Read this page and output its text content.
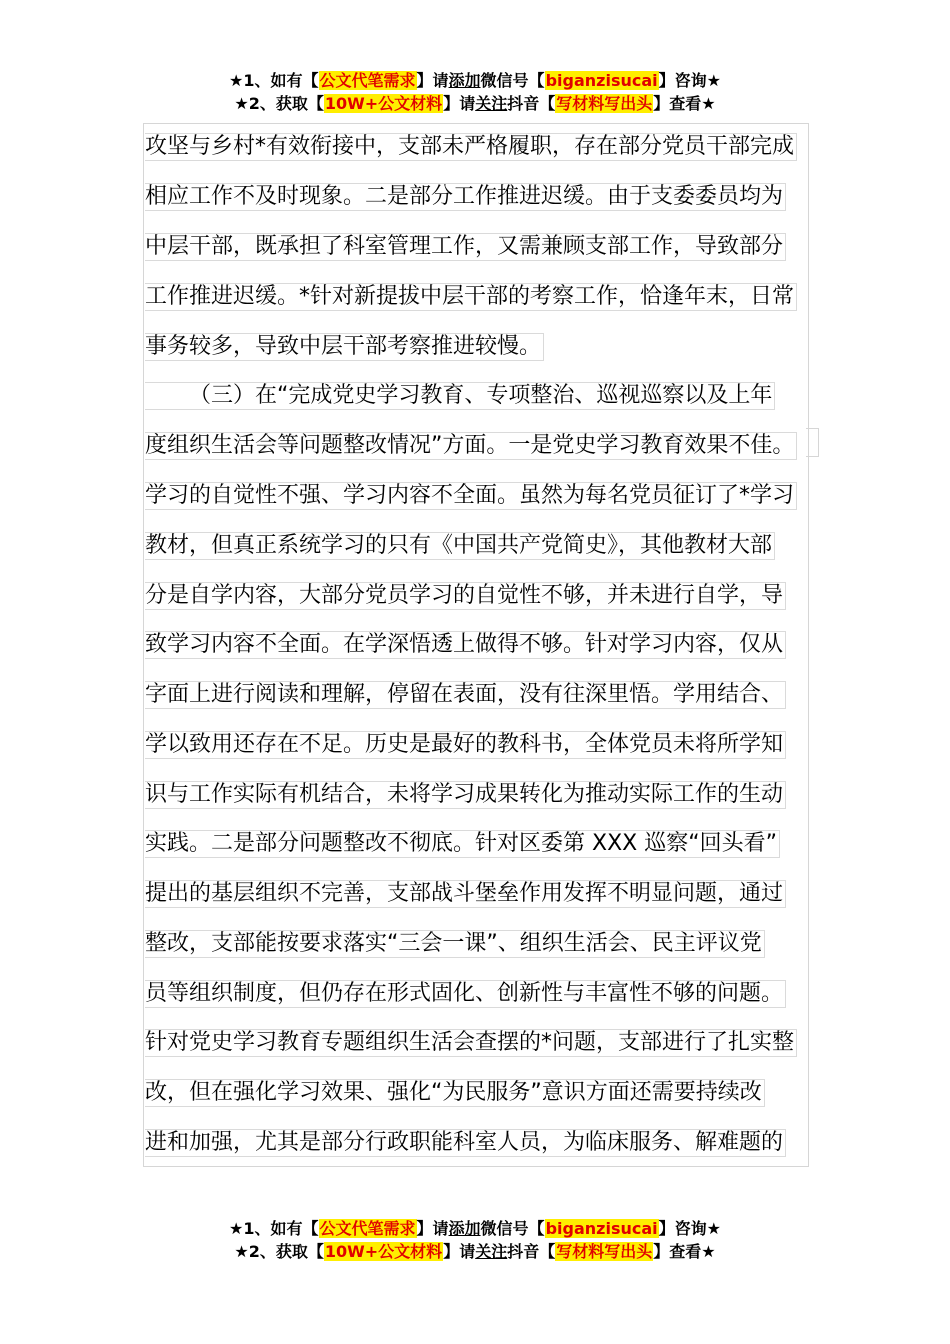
★1、如有【公文代笔需求】请添加微信号【biganzisucai】咨询★
★2、获取【10W+公文材料】请关注抖音【写材料写出头】查看★
攻坚与乡村*有效衔接中，支部未严格履职，存在部分党员干部完成
相应工作不及时现象。二是部分工作推进迟缓。由于支委委员均为
中层干部，既承担了科室管理工作，又需兼顾支部工作，导致部分
工作推进迟缓。*针对新提拔中层干部的考察工作，恰逢年末，日常
事务较多，导致中层干部考察推进较慢。
（三）在“完成党史学习教育、专项整治、巡视巡察以及上年
度组织生活会等问题整改情况”方面。一是党史学习教育效果不佳。
学习的自觉性不强、学习内容不全面。虽然为每名党员征订了*学习
教材，但真正系统学习的只有《中国共产党简史》，其他教材大部
分是自学内容，大部分党员学习的自觉性不够，并未进行自学，导
致学习内容不全面。在学深悟透上做得不够。针对学习内容，仅从
字面上进行阅读和理解，停留在表面，没有往深里悟。学用结合、
学以致用还存在不足。历史是最好的教科书，全体党员未将所学知
识与工作实际有机结合，未将学习成果转化为推动实际工作的生动
实践。二是部分问题整改不彻底。针对区委第 XXX 巡察“回头看”
提出的基层组织不完善，支部战斗堡垒作用发挥不明显问题，通过
整改，支部能按要求落实“三会一课”、组织生活会、民主评议党
员等组织制度，但仍存在形式固化、创新性与丰富性不够的问题。
针对党史学习教育专题组织生活会查摆的*问题，支部进行了扎实整
改，但在强化学习效果、强化“为民服务”意识方面还需要持续改
进和加强，尤其是部分行政职能科室人员，为临床服务、解难题的
★1、如有【公文代笔需求】请添加微信号【biganzisucai】咨询★
★2、获取【10W+公文材料】请关注抖音【写材料写出头】查看★
